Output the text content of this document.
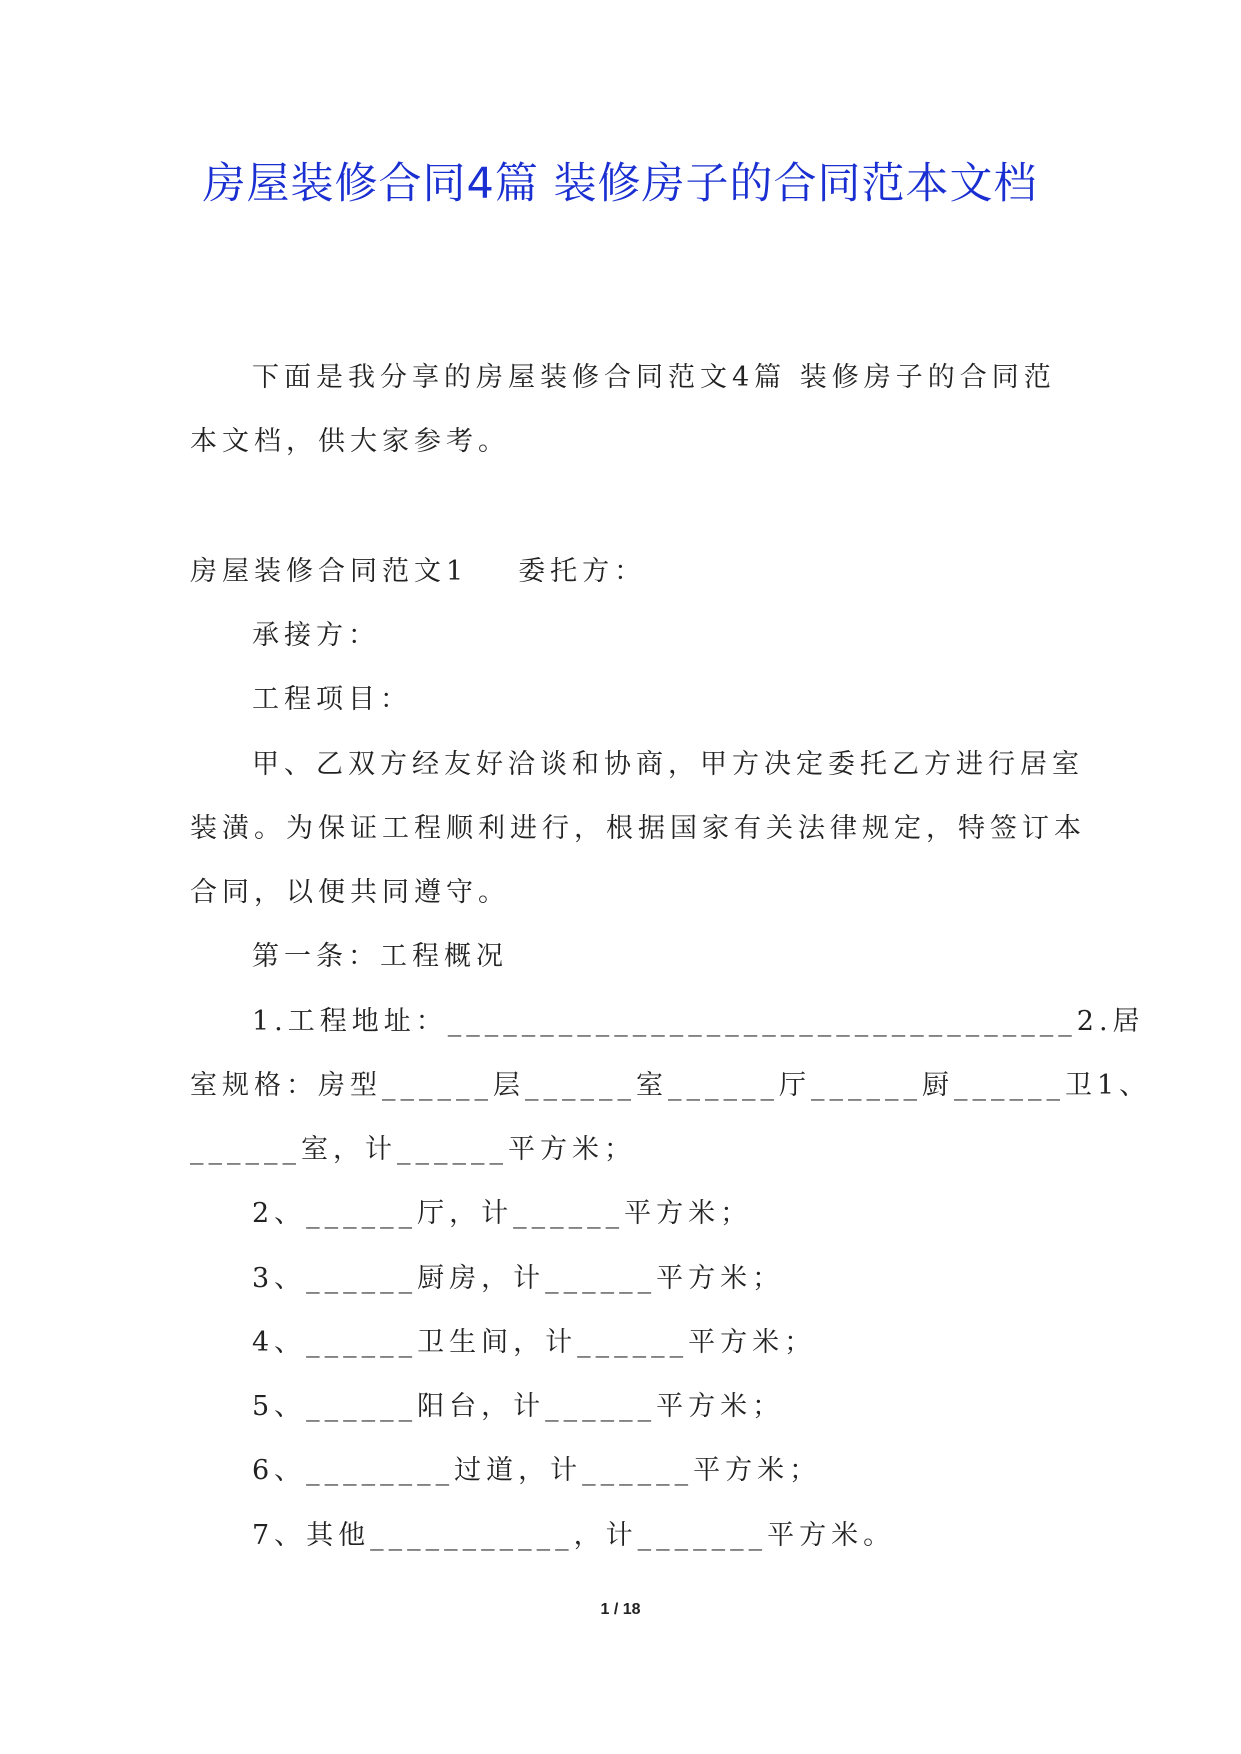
房屋装修合同4篇 装修房子的合同范本文档
下面是我分享的房屋装修合同范文4篇 装修房子的合同范
本文档，供大家参考。
房屋装修合同范文1 委托方：
承接方：
工程项目：
甲、乙双方经友好洽谈和协商，甲方决定委托乙方进行居室
装潢。为保证工程顺利进行，根据国家有关法律规定，特签订本
合同，以便共同遵守。
第一条：工程概况
1.工程地址：__________________________________2.居
室规格：房型______层______室______厅______厨______卫1、
______室，计______平方米；
2、______厅，计______平方米；
3、______厨房，计______平方米；
4、______卫生间，计______平方米；
5、______阳台，计______平方米；
6、________过道，计______平方米；
7、其他___________，计_______平方米。
1 / 18
